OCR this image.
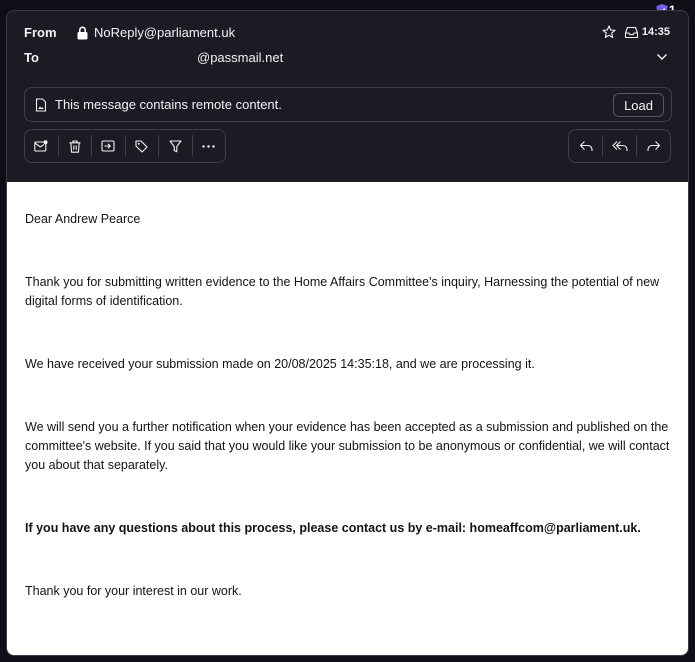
From	NoReply@parliament.uk
To	@passmail.net
14:35
This message contains remote content.	Load

Dear Andrew Pearce

Thank you for submitting written evidence to the Home Affairs Committee's inquiry, Harnessing the potential of new digital forms of identification.

We have received your submission made on 20/08/2025 14:35:18, and we are processing it.

We will send you a further notification when your evidence has been accepted as a submission and published on the committee's website. If you said that you would like your submission to be anonymous or confidential, we will contact you about that separately.

If you have any questions about this process, please contact us by e-mail: homeaffcom@parliament.uk.

Thank you for your interest in our work.
